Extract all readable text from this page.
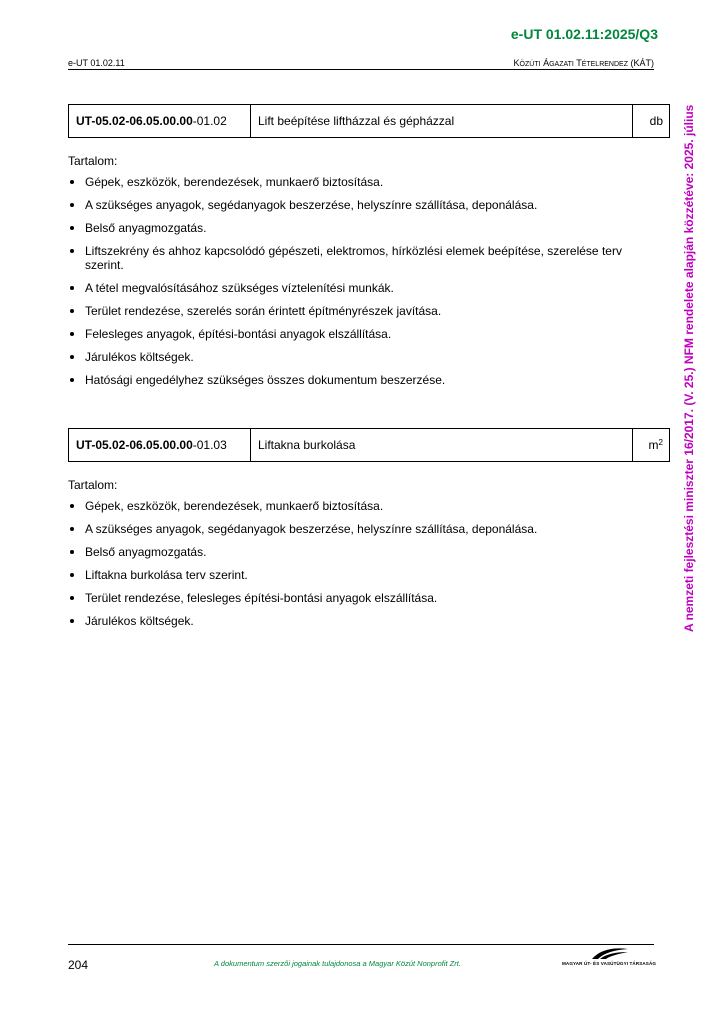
e-UT 01.02.11:2025/Q3
e-UT 01.02.11	KÖZÚTI ÁGAZATI TÉTELRENDEZ (KÁT)
A nemzeti fejlesztési miniszter 16/2017. (V. 25.) NFM rendelete alapján közzétéve: 2025. július
UT-05.02-06.05.00.00 -01.02	Lift beépítése liftházzal és gépházzal	db

Tartalom:

Gépek, eszközök, berendezések, munkaerő biztosítása.
A szükséges anyagok, segédanyagok beszerzése, helyszínre szállítása, deponálása.
Belső anyagmozgatás.
Liftszekrény és ahhoz kapcsolódó gépészeti, elektromos, hírközlési elemek beépítése, szerelése terv szerint.
A tétel megvalósításához szükséges víztelenítési munkák.
Terület rendezése, szerelés során érintett építményrészek javítása.
Felesleges anyagok, építési-bontási anyagok elszállítása.
Járulékos költségek.
Hatósági engedélyhez szükséges összes dokumentum beszerzése.
UT-05.02-06.05.00.00 -01.03	Liftakna burkolása	$m^2$

Tartalom:

Gépek, eszközök, berendezések, munkaerő biztosítása.
A szükséges anyagok, segédanyagok beszerzése, helyszínre szállítása, deponálása.
Belső anyagmozgatás.
Liftakna burkolása terv szerint.
Terület rendezése, felesleges építési-bontási anyagok elszállítása.
Járulékos költségek.
204	A dokumentum szerzői jogainak tulajdonosa a Magyar Közút Nonprofit Zrt.	MAGYAR ÚT- ÉS VASÚTÜGYI TÁRSASÁG
